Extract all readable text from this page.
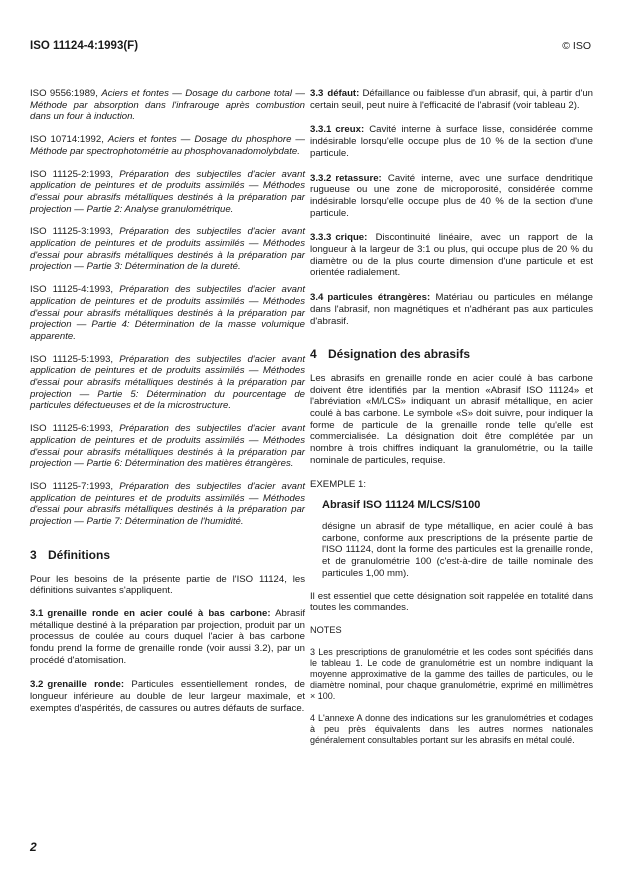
ISO 11124-4:1993(F)	© ISO

ISO 9556:1989, Aciers et fontes — Dosage du carbone total — Méthode par absorption dans l'infrarouge après combustion dans un four à induction.

ISO 10714:1992, Aciers et fontes — Dosage du phosphore — Méthode par spectrophotométrie au phosphovanadomolybdate.

ISO 11125-2:1993, Préparation des subjectiles d'acier avant application de peintures et de produits assimilés — Méthodes d'essai pour abrasifs métalliques destinés à la préparation par projection — Partie 2: Analyse granulométrique.

ISO 11125-3:1993, Préparation des subjectiles d'acier avant application de peintures et de produits assimilés — Méthodes d'essai pour abrasifs métalliques destinés à la préparation par projection — Partie 3: Détermination de la dureté.

ISO 11125-4:1993, Préparation des subjectiles d'acier avant application de peintures et de produits assimilés — Méthodes d'essai pour abrasifs métalliques destinés à la préparation par projection — Partie 4: Détermination de la masse volumique apparente.

ISO 11125-5:1993, Préparation des subjectiles d'acier avant application de peintures et de produits assimilés — Méthodes d'essai pour abrasifs métalliques destinés à la préparation par projection — Partie 5: Détermination du pourcentage de particules défectueuses et de la microstructure.

ISO 11125-6:1993, Préparation des subjectiles d'acier avant application de peintures et de produits assimilés — Méthodes d'essai pour abrasifs métalliques destinés à la préparation par projection — Partie 6: Détermination des matières étrangères.

ISO 11125-7:1993, Préparation des subjectiles d'acier avant application de peintures et de produits assimilés — Méthodes d'essai pour abrasifs métalliques destinés à la préparation par projection — Partie 7: Détermination de l'humidité.

3 Définitions

Pour les besoins de la présente partie de l'ISO 11124, les définitions suivantes s'appliquent.

3.1 grenaille ronde en acier coulé à bas carbone: Abrasif métallique destiné à la préparation par projection, produit par un processus de coulée au cours duquel l'acier à bas carbone fondu prend la forme de grenaille ronde (voir aussi 3.2), par un procédé d'atomisation.

3.2 grenaille ronde: Particules essentiellement rondes, de longueur inférieure au double de leur largeur maximale, et exemptes d'aspérités, de cassures ou autres défauts de surface.

3.3 défaut: Défaillance ou faiblesse d'un abrasif, qui, à partir d'un certain seuil, peut nuire à l'efficacité de l'abrasif (voir tableau 2).

3.3.1 creux: Cavité interne à surface lisse, considérée comme indésirable lorsqu'elle occupe plus de 10 % de la section d'une particule.

3.3.2 retassure: Cavité interne, avec une surface dendritique rugueuse ou une zone de microporosité, considérée comme indésirable lorsqu'elle occupe plus de 40 % de la section d'une particule.

3.3.3 crique: Discontinuité linéaire, avec un rapport de la longueur à la largeur de 3:1 ou plus, qui occupe plus de 20 % du diamètre ou de la plus courte dimension d'une particule et est orientée radialement.

3.4 particules étrangères: Matériau ou particules en mélange dans l'abrasif, non magnétiques et n'adhérant pas aux particules d'abrasif.

4 Désignation des abrasifs

Les abrasifs en grenaille ronde en acier coulé à bas carbone doivent être identifiés par la mention «Abrasif ISO 11124» et l'abréviation «M/LCS» indiquant un abrasif métallique, en acier coulé à bas carbone. Le symbole «S» doit suivre, pour indiquer la forme de particule de la grenaille ronde telle qu'elle est commercialisée. La désignation doit être complétée par un nombre à trois chiffres indiquant la granulométrie, ou la taille nominale de particules, requise.

EXEMPLE 1:

Abrasif ISO 11124 M/LCS/S100

désigne un abrasif de type métallique, en acier coulé à bas carbone, conforme aux prescriptions de la présente partie de l'ISO 11124, dont la forme des particules est la grenaille ronde, et de granulométrie 100 (c'est-à-dire de taille nominale des particules 1,00 mm).

Il est essentiel que cette désignation soit rappelée en totalité dans toutes les commandes.

NOTES

3 Les prescriptions de granulométrie et les codes sont spécifiés dans le tableau 1. Le code de granulométrie est un nombre indiquant la moyenne approximative de la gamme des tailles de particules, ou le diamètre nominal, pour chaque granulométrie, exprimé en millimètres × 100.

4 L'annexe A donne des indications sur les granulométries et codages à peu près équivalents dans les autres normes nationales généralement consultables portant sur les abrasifs en métal coulé.

2
